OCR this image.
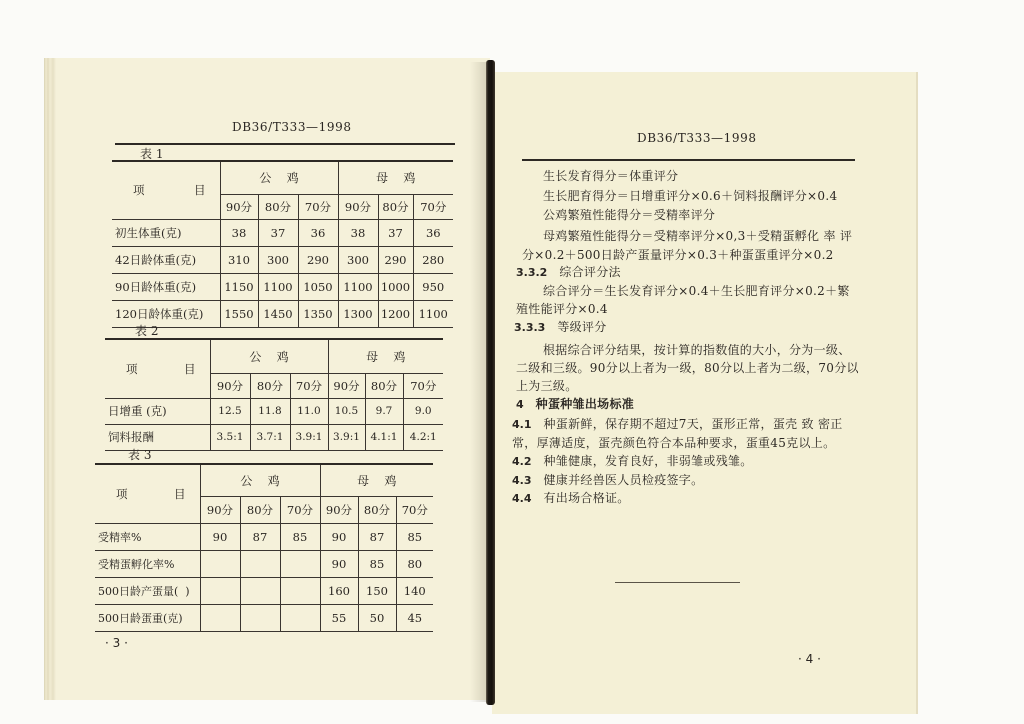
DB36/T333—1998
表 1
项 目	公    鸡			母    鸡		
	90分	80分	70分	90分	80分	70分
初生体重(克)	38	37	36	38	37	36
42日龄体重(克)	310	300	290	300	290	280
90日龄体重(克)	1150	1100	1050	1100	1000	950
120日龄体重(克)	1550	1450	1350	1300	1200	1100
表 2
项 目	公    鸡			母    鸡		
	90分	80分	70分	90分	80分	70分
日增重 (克)	12.5	11.8	11.0	10.5	9.7	9.0
饲料报酬	3.5:1	3.7:1	3.9:1	3.9:1	4.1:1	4.2:1
表 3
项 目	公    鸡			母    鸡		
	90分	80分	70分	90分	80分	70分
受精率%	90	87	85	90	87	85
受精蛋孵化率%				90	85	80
500日龄产蛋量(  )				160	150	140
500日龄蛋重(克)				55	50	45
· 3 ·
DB36/T333—1998
生长发育得分＝体重评分
生长肥育得分＝日增重评分×0.6＋饲料报酬评分×0.4
公鸡繁殖性能得分＝受精率评分
母鸡繁殖性能得分＝受精率评分×0,3＋受精蛋孵化 率 评
分×0.2＋500日龄产蛋量评分×0.3＋种蛋蛋重评分×0.2
3.3.2 综合评分法
综合评分＝生长发育评分×0.4＋生长肥育评分×0.2＋繁
殖性能评分×0.4
3.3.3 等级评分
根据综合评分结果，按计算的指数值的大小，分为一级、
二级和三级。90分以上者为一级，80分以上者为二级，70分以
上为三级。
4 种蛋种雏出场标准
4.1 种蛋新鲜，保存期不超过7天，蛋形正常，蛋壳 致 密正
常，厚薄适度，蛋壳颜色符合本品种要求，蛋重45克以上。
4.2 种雏健康，发育良好，非弱雏或残雏。
4.3 健康并经兽医人员检疫签字。
4.4 有出场合格证。
· 4 ·
